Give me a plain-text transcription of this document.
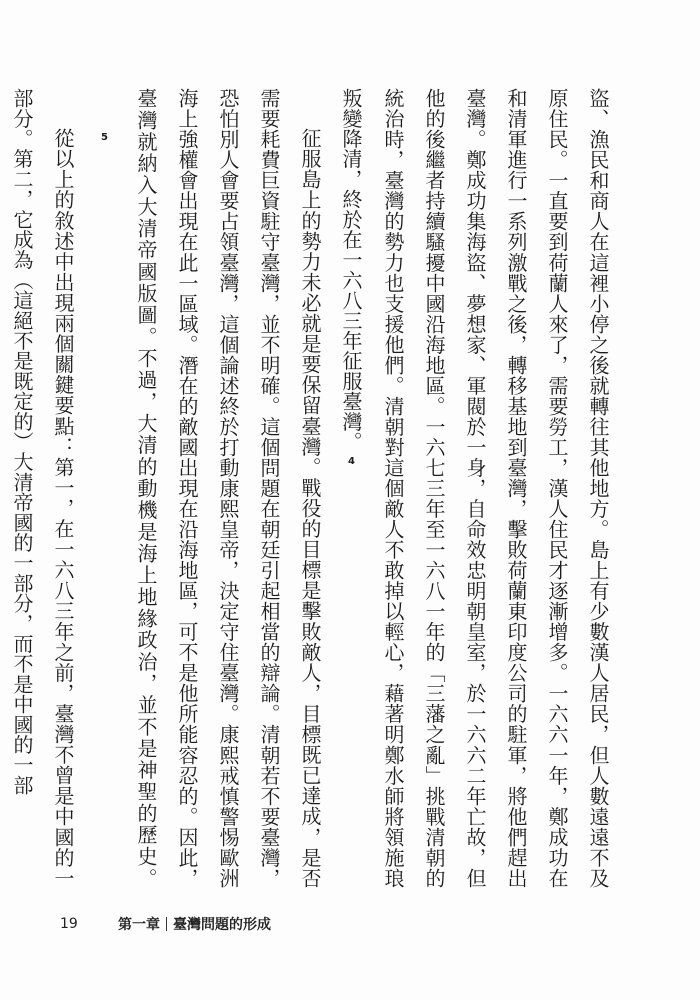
盜、漁民和商人在這裡小停之後就轉往其他地方。島上有少數漢人居民，但人數遠遠不及原住民。一直要到荷蘭人來了，需要勞工，漢人住民才逐漸增多。一六六一年，鄭成功在和清軍進行一系列激戰之後，轉移基地到臺灣，擊敗荷蘭東印度公司的駐軍，將他們趕出臺灣。鄭成功集海盜、夢想家、軍閥於一身，自命效忠明朝皇室，於一六六二年亡故，但他的後繼者持續騷擾中國沿海地區。一六七三年至一六八一年的「三藩之亂」挑戰清朝的統治時，臺灣的勢力也支援他們。清朝對這個敵人不敢掉以輕心，藉著明鄭水師將領施琅叛變降清，終於在一六八三年征服臺灣。4

征服島上的勢力未必就是要保留臺灣。戰役的目標是擊敗敵人，目標既已達成，是否需要耗費巨資駐守臺灣，並不明確。這個問題在朝廷引起相當的辯論。清朝若不要臺灣，恐怕別人會要占領臺灣，這個論述終於打動康熙皇帝，決定守住臺灣。康熙戒慎警惕歐洲海上強權會出現在此一區域。潛在的敵國出現在沿海地區，可不是他所能容忍的。因此，臺灣就納入大清帝國版圖。不過，大清的動機是海上地緣政治，並不是神聖的歷史。5

從以上的敘述中出現兩個關鍵要點：第一，在一六八三年之前，臺灣不曾是中國的一部分。第二，它成為（這絕不是既定的）大清帝國的一部分，而不是中國的一部

19	第一章 臺灣問題的形成
